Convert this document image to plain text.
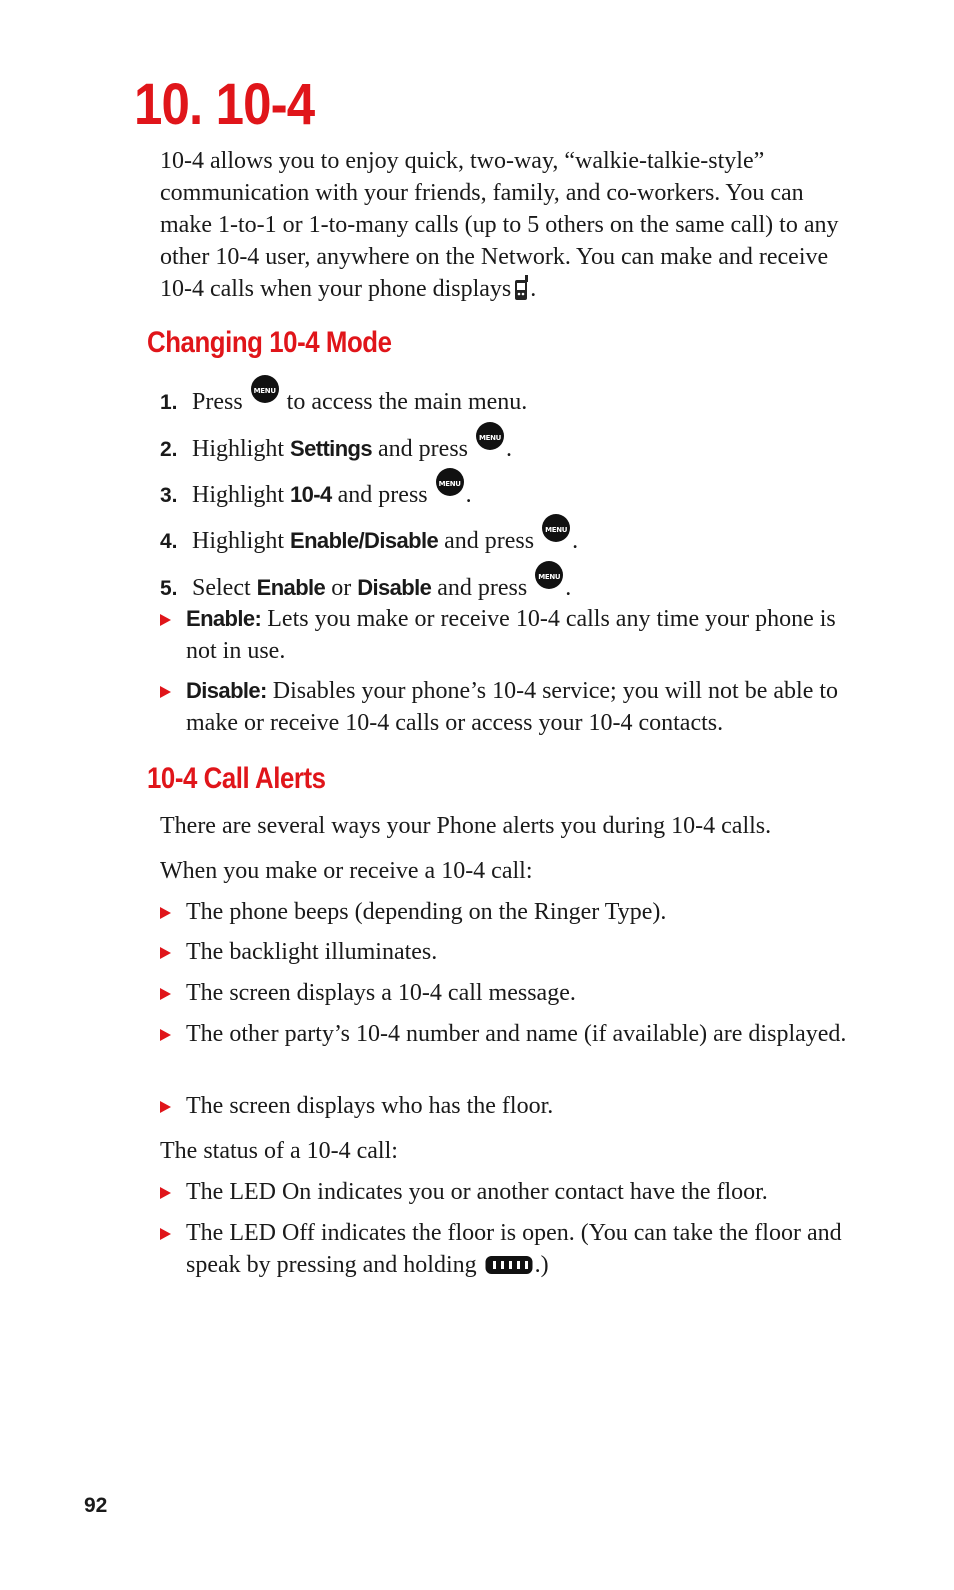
10. 10-4

10-4 allows you to enjoy quick, two-way, “walkie-talkie-style” communication with your friends, family, and co-workers. You can make 1-to-1 or 1-to-many calls (up to 5 others on the same call) to any other 10-4 user, anywhere on the Network. You can make and receive 10-4 calls when your phone displays .

Changing 10-4 Mode
1. Press	MENU

OK to access the main menu.
2. Highlight Settings and press	MENU

OK .
3. Highlight 10-4 and press	MENU

OK .
4. Highlight Enable/Disable and press	MENU

OK .
5. Select Enable or Disable and press	MENU

OK .
Enable: Lets you make or receive 10-4 calls any time your phone is not in use.
Disable: Disables your phone’s 10-4 service; you will not be able to make or receive 10-4 calls or access your 10-4 contacts.
10-4 Call Alerts
There are several ways your Phone alerts you during 10-4 calls.
When you make or receive a 10-4 call:
The phone beeps (depending on the Ringer Type).
The backlight illuminates.
The screen displays a 10-4 call message.
The other party’s 10-4 number and name (if available) are displayed.
The screen displays who has the floor.
The status of a 10-4 call:
The LED On indicates you or another contact have the floor.
The LED Off indicates the floor is open. (You can take the floor and speak by pressing and holding .)
92
